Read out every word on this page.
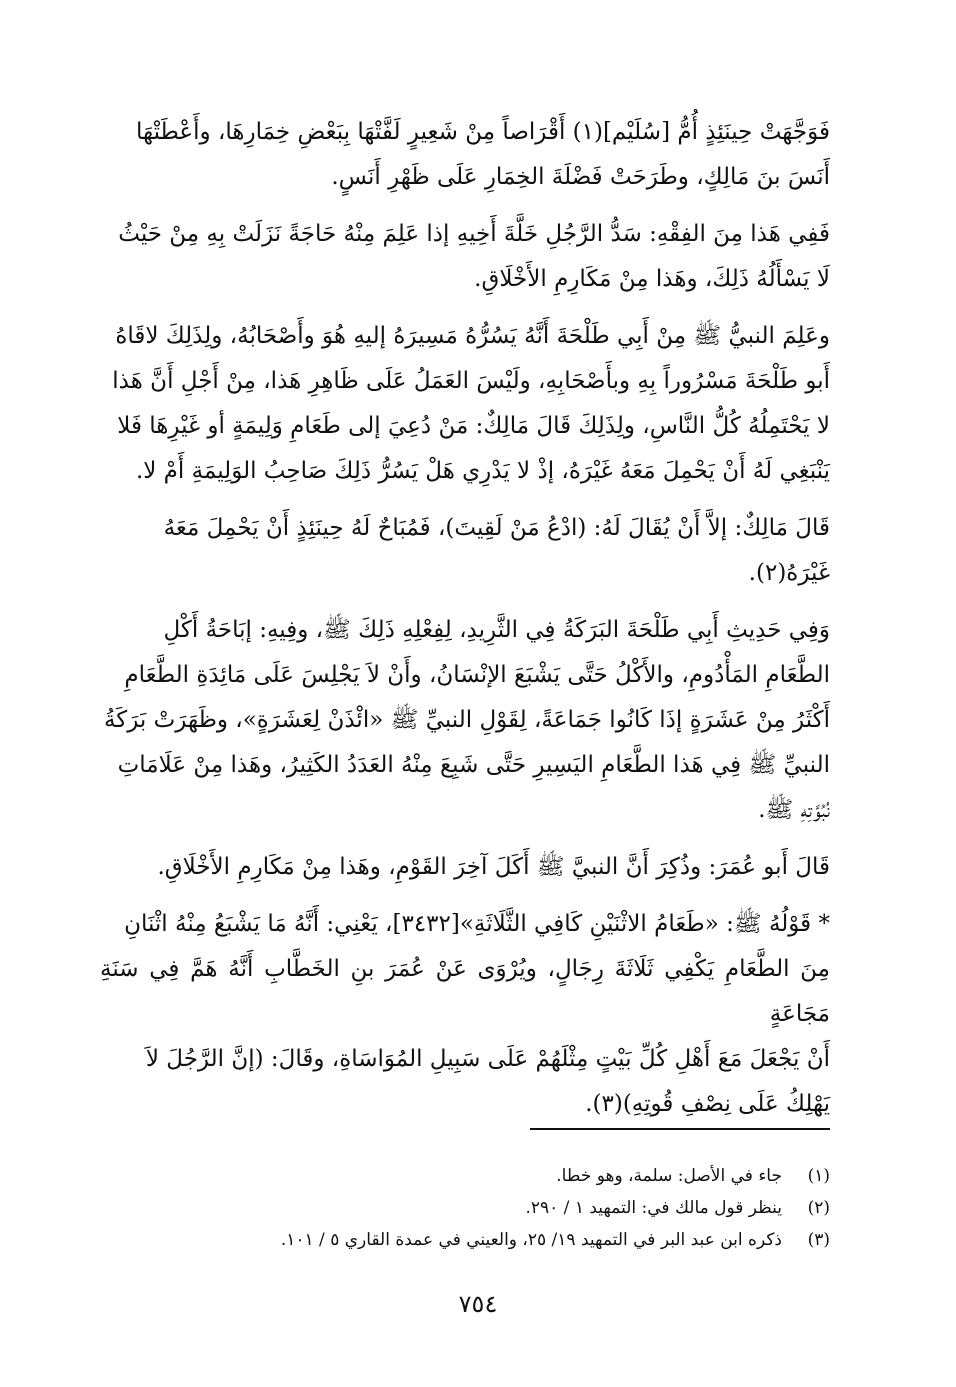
فَوَجَّهَتْ حِينَئِذٍ أُمُّ [سُلَيْم](١) أَقْرَاصاً مِنْ شَعِيرٍ لَفَّتْهَا بِبَعْضِ خِمَارِهَا، وأَعْطَتْهَا

أَنَسَ بنَ مَالِكٍ، وطَرَحَتْ فَضْلَةَ الخِمَارِ عَلَى ظَهْرِ أَنَسٍ.

فَفِي هَذا مِنَ الفِقْهِ: سَدُّ الرَّجُلِ خَلَّةَ أَخِيهِ إذا عَلِمَ مِنْهُ حَاجَةً نَزَلَتْ بِهِ مِنْ حَيْثُ

لَا يَسْأَلُهُ ذَلِكَ، وهَذا مِنْ مَكَارِمِ الأَخْلَاقِ.

وعَلِمَ النبيُّ ﷺ مِنْ أَبِي طَلْحَةَ أَنَّهُ يَسُرُّهُ مَسِيرَهُ إليهِ هُوَ وأَصْحَابُهُ، ولِذَلِكَ لاقَاهُ

أَبو طَلْحَةَ مَسْرُوراً بِهِ وبأَصْحَابِهِ، ولَيْسَ العَمَلُ عَلَى ظَاهِرِ هَذا، مِنْ أَجْلِ أَنَّ هَذا

لا يَحْتَمِلُهُ كُلُّ النَّاسِ، ولِذَلِكَ قَالَ مَالِكٌ: مَنْ دُعِيَ إلى طَعَامِ وَلِيمَةٍ أو غَيْرِهَا فَلا

يَنْبَغِي لَهُ أَنْ يَحْمِلَ مَعَهُ غَيْرَهُ، إذْ لا يَدْرِي هَلْ يَسُرُّ ذَلِكَ صَاحِبُ الوَلِيمَةِ أَمْ لا.

قَالَ مَالِكٌ: إلاَّ أَنْ يُقَالَ لَهُ: (ادْعُ مَنْ لَقِيتَ)، فَمُبَاحٌ لَهُ حِينَئِذٍ أَنْ يَحْمِلَ مَعَهُ

غَيْرَهُ(٢).

وَفِي حَدِيثِ أَبِي طَلْحَةَ البَرَكَةُ فِي الثَّرِيدِ، لِفِعْلِهِ ذَلِكَ ﷺ، وفِيهِ: إبَاحَةُ أَكْلِ

الطَّعَامِ المَأْدُومِ، والأَكْلُ حَتَّى يَشْبَعَ الإنْسَانُ، وأَنْ لاَ يَجْلِسَ عَلَى مَائِدَةِ الطَّعَامِ

أَكْثَرُ مِنْ عَشَرَةٍ إذَا كَانُوا جَمَاعَةً، لِقَوْلِ النبيِّ ﷺ «ائْذَنْ لِعَشَرَةٍ»، وظَهَرَتْ بَرَكَةُ

النبيِّ ﷺ فِي هَذا الطَّعَامِ اليَسِيرِ حَتَّى شَبِعَ مِنْهُ العَدَدُ الكَثِيرُ، وهَذا مِنْ عَلَامَاتِ

نُبُوَّتِهِ ﷺ.

قَالَ أَبو عُمَرَ: وذُكِرَ أَنَّ النبيَّ ﷺ أَكَلَ آخِرَ القَوْمِ، وهَذا مِنْ مَكَارِمِ الأَخْلَاقِ.

* قَوْلُهُ ﷺ: «طَعَامُ الاثْنَيْنِ كَافِي الثَّلَاثَةِ»[٣٤٣٢]، يَعْنِي: أَنَّهُ مَا يَشْبَعُ مِنْهُ اثْنَانِ

مِنَ الطَّعَامِ يَكْفِي ثَلَاثَةَ رِجَالٍ، ويُرْوَى عَنْ عُمَرَ بنِ الخَطَّابِ أَنَّهُ هَمَّ فِي سَنَةِ مَجَاعَةٍ

أَنْ يَجْعَلَ مَعَ أَهْلِ كُلِّ بَيْتٍ مِثْلَهُمْ عَلَى سَبِيلِ المُوَاسَاةِ، وقَالَ: (إنَّ الرَّجُلَ لاَ

يَهْلِكُ عَلَى نِصْفِ قُوتِهِ)(٣).

(١)
جاء في الأصل: سلمة، وهو خطا.
(٢)
ينظر قول مالك في: التمهيد ١ / ٢٩٠.
(٣)
ذكره ابن عبد البر في التمهيد ١٩/ ٢٥، والعيني في عمدة القاري ٥ / ١٠١.
٧٥٤
